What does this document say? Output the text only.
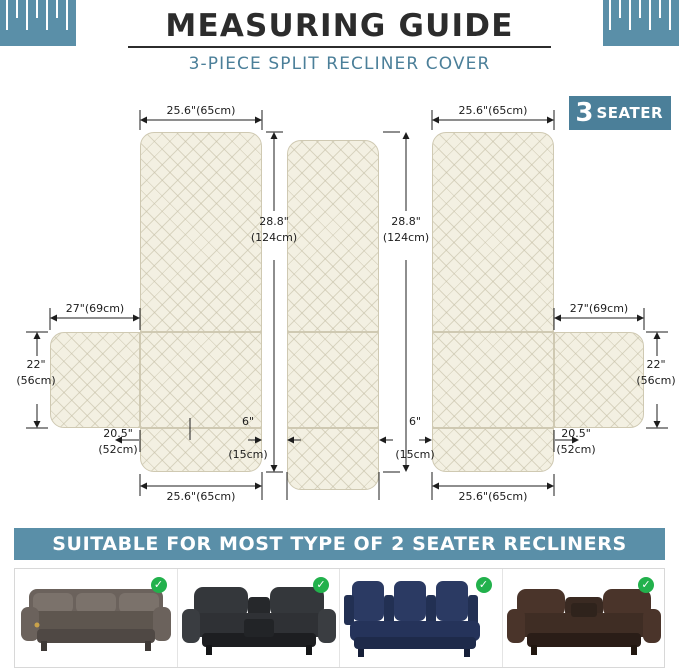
MEASURING GUIDE
3-PIECE SPLIT RECLINER COVER
3 SEATER
25.6"(65cm)	25.6"(65cm)
28.8"
(124cm)
28.8"
(124cm)
27"(69cm)	27"(69cm)
22"
(56cm)
22"
(56cm)
20.5"
(52cm)
20.5"
(52cm)
6"
(15cm)
6"
(15cm)
25.6"(65cm)	25.6"(65cm)
SUITABLE FOR MOST TYPE OF 2 SEATER RECLINERS
✓	✓	✓	✓
